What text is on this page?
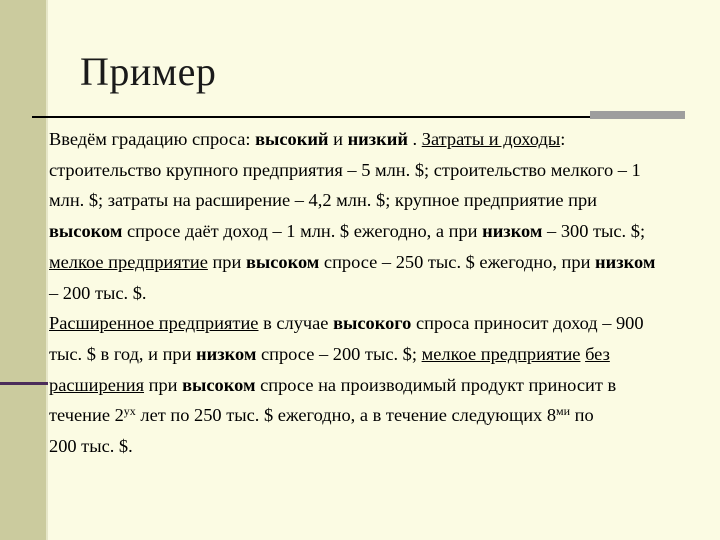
Пример
Введём градацию спроса: высокий и низкий . Затраты и доходы:
строительство крупного предприятия – 5 млн. $; строительство мелкого – 1
млн. $; затраты на расширение – 4,2 млн. $; крупное предприятие при
высоком спросе даёт доход – 1 млн. $ ежегодно, а при низком – 300 тыс. $;
мелкое предприятие при высоком спросе – 250 тыс. $ ежегодно, при низком
– 200 тыс. $.
Расширенное предприятие в случае высокого спроса приносит доход – 900
тыс. $ в год, и при низком спросе – 200 тыс. $; мелкое предприятие без
расширения при высоком спросе на производимый продукт приносит в
течение $2^{ух}$ лет по 250 тыс. $ ежегодно, а в течение следующих $8^{ми}$ по
200 тыс. $.
